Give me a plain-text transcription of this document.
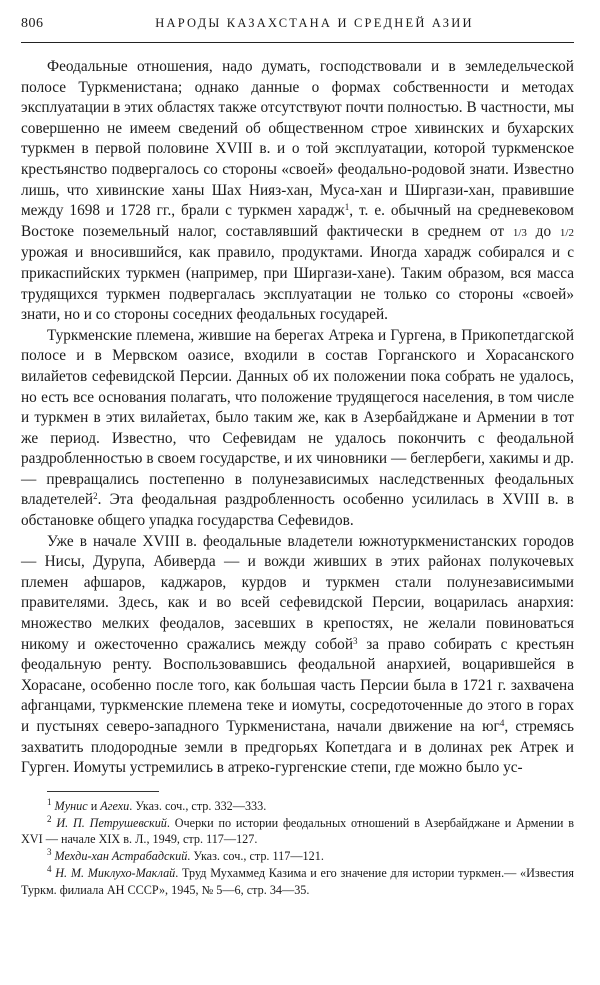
806	НАРОДЫ КАЗАХСТАНА И СРЕДНЕЙ АЗИИ

Феодальные отношения, надо думать, господствовали и в земледельческой полосе Туркменистана; однако данные о формах собственности и методах эксплуатации в этих областях также отсутствуют почти полностью. В частности, мы совершенно не имеем сведений об общественном строе хивинских и бухарских туркмен в первой половине XVIII в. и о той эксплуатации, которой туркменское крестьянство подвергалось со стороны «своей» феодально-родовой знати. Известно лишь, что хивинские ханы Шах Нияз-хан, Муса-хан и Ширгази-хан, правившие между 1698 и 1728 гг., брали с туркмен харадж$^1$, т. е. обычный на средневековом Востоке поземельный налог, составлявший фактически в среднем от 1/3 до 1/2 урожая и вносившийся, как правило, продуктами. Иногда харадж собирался и с прикаспийских туркмен (например, при Ширгази-хане). Таким образом, вся масса трудящихся туркмен подвергалась эксплуатации не только со стороны «своей» знати, но и со стороны соседних феодальных государей.

Туркменские племена, жившие на берегах Атрека и Гургена, в Прикопетдагской полосе и в Мервском оазисе, входили в состав Горганского и Хорасанского вилайетов сефевидской Персии. Данных об их положении пока собрать не удалось, но есть все основания полагать, что положение трудящегося населения, в том числе и туркмен в этих вилайетах, было таким же, как в Азербайджане и Армении в тот же период. Известно, что Сефевидам не удалось покончить с феодальной раздробленностью в своем государстве, и их чиновники — беглербеги, хакимы и др.— превращались постепенно в полунезависимых наследственных феодальных владетелей$^2$. Эта феодальная раздробленность особенно усилилась в XVIII в. в обстановке общего упадка государства Сефевидов.

Уже в начале XVIII в. феодальные владетели южнотуркменистанских городов — Нисы, Дурупа, Абиверда — и вожди живших в этих районах полукочевых племен афшаров, каджаров, курдов и туркмен стали полунезависимыми правителями. Здесь, как и во всей сефевидской Персии, воцарилась анархия: множество мелких феодалов, засевших в крепостях, не желали повиноваться никому и ожесточенно сражались между собой$^3$ за право собирать с крестьян феодальную ренту. Воспользовавшись феодальной анархией, воцарившейся в Хорасане, особенно после того, как большая часть Персии была в 1721 г. захвачена афганцами, туркменские племена теке и иомуты, сосредоточенные до этого в горах и пустынях северо-западного Туркменистана, начали движение на $юг^4$, стремясь захватить плодородные земли в предгорьях Копетдага и в долинах рек Атрек и Гурген. Иомуты устремились в атреко-гургенские степи, где можно было ус-

$^1$ Мунис и Агехи. Указ. соч., стр. 332—333.

$^2$ И. П. Петрушевский. Очерки по истории феодальных отношений в Азербайджане и Армении в XVI — начале XIX в. Л., 1949, стр. 117—127.

$^3$ Мехди-хан Астрабадский. Указ. соч., стр. 117—121.

$^4$ Н. М. Миклухо-Маклай. Труд Мухаммед Казима и его значение для истории туркмен.— «Известия Туркм. филиала АН СССР», 1945, № 5—6, стр. 34—35.
